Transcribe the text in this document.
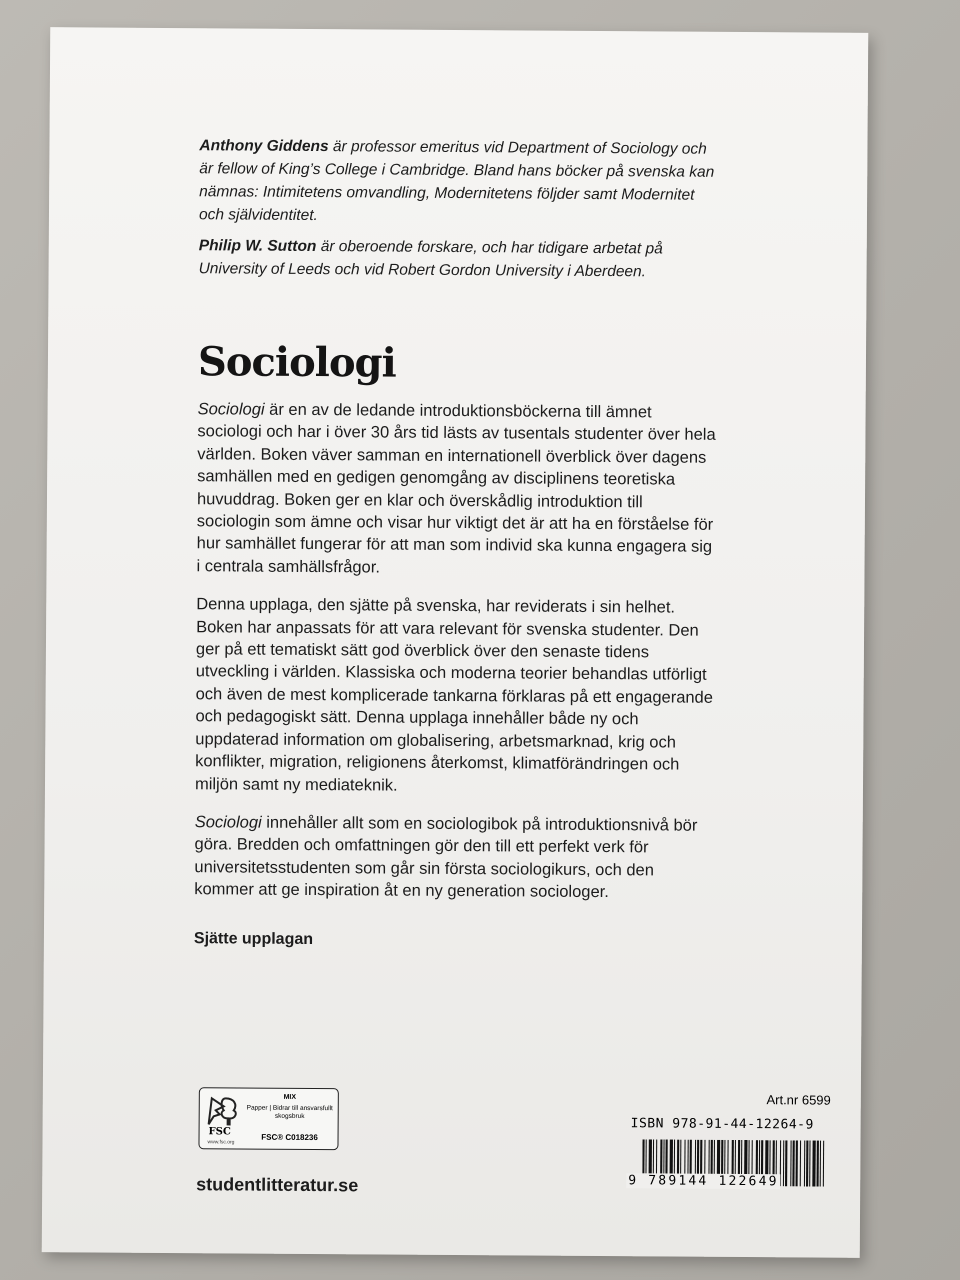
Anthony Giddens är professor emeritus vid Department of Sociology och är fellow of King’s College i Cambridge. Bland hans böcker på svenska kan nämnas: Intimitetens omvandling, Modernitetens följder samt Modernitet och självidentitet.

Philip W. Sutton är oberoende forskare, och har tidigare arbetat på University of Leeds och vid Robert Gordon University i Aberdeen.

Sociologi

Sociologi är en av de ledande introduktionsböckerna till ämnet sociologi och har i över 30 års tid lästs av tusentals studenter över hela världen. Boken väver samman en internationell överblick över dagens samhällen med en gedigen genomgång av disciplinens teoretiska huvuddrag. Boken ger en klar och överskådlig introduktion till sociologin som ämne och visar hur viktigt det är att ha en förståelse för hur samhället fungerar för att man som individ ska kunna engagera sig i centrala samhällsfrågor.

Denna upplaga, den sjätte på svenska, har reviderats i sin helhet. Boken har anpassats för att vara relevant för svenska studenter. Den ger på ett tematiskt sätt god överblick över den senaste tidens utveckling i världen. Klassiska och moderna teorier behandlas utförligt och även de mest komplicerade tankarna förklaras på ett engagerande och pedagogiskt sätt. Denna upplaga innehåller både ny och uppdaterad information om globalisering, arbetsmarknad, krig och konflikter, migration, religionens återkomst, klimatförändringen och miljön samt ny mediateknik.

Sociologi innehåller allt som en sociologibok på introduktionsnivå bör göra. Bredden och omfattningen gör den till ett perfekt verk för universitetsstudenten som går sin första sociologikurs, och den kommer att ge inspiration åt en ny generation sociologer.

Sjätte upplagan
FSC
www.fsc.org
MIX
Papper | Bidrar till ansvarsfullt skogsbruk
FSC® C018236
studentlitteratur.se
Art.nr 6599
ISBN 978-91-44-12264-9
9 789144 122649
